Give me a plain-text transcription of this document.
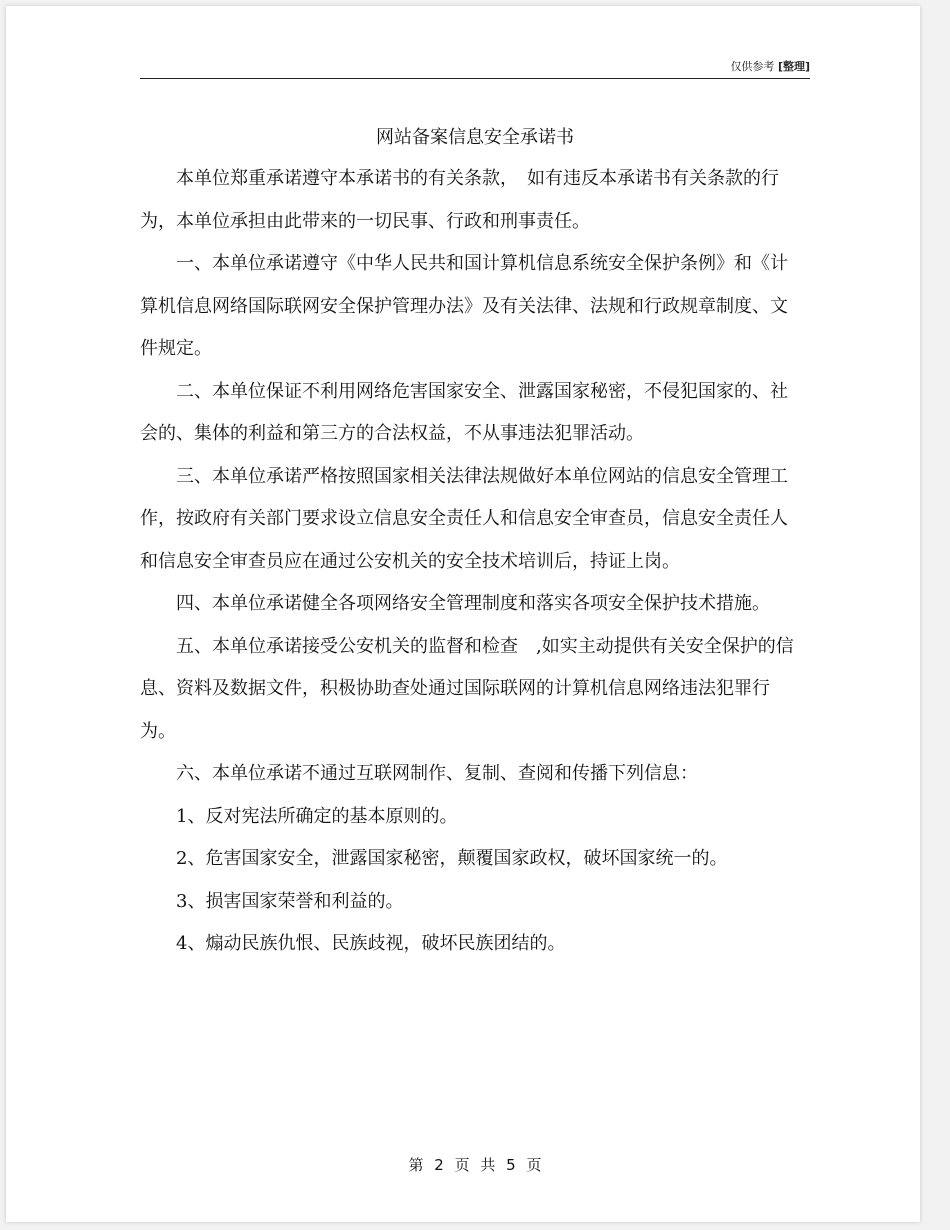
仅供参考 [整理]
网站备案信息安全承诺书

本单位郑重承诺遵守本承诺书的有关条款，　如有违反本承诺书有关条款的行为，本单位承担由此带来的一切民事、行政和刑事责任。

一、本单位承诺遵守《中华人民共和国计算机信息系统安全保护条例》和《计算机信息网络国际联网安全保护管理办法》及有关法律、法规和行政规章制度、文件规定。

二、本单位保证不利用网络危害国家安全、泄露国家秘密，不侵犯国家的、社会的、集体的利益和第三方的合法权益，不从事违法犯罪活动。

三、本单位承诺严格按照国家相关法律法规做好本单位网站的信息安全管理工作，按政府有关部门要求设立信息安全责任人和信息安全审查员，信息安全责任人和信息安全审查员应在通过公安机关的安全技术培训后，持证上岗。

四、本单位承诺健全各项网络安全管理制度和落实各项安全保护技术措施。

五、本单位承诺接受公安机关的监督和检查　,如实主动提供有关安全保护的信息、资料及数据文件，积极协助查处通过国际联网的计算机信息网络违法犯罪行为。

六、本单位承诺不通过互联网制作、复制、查阅和传播下列信息：

1、反对宪法所确定的基本原则的。

2、危害国家安全，泄露国家秘密，颠覆国家政权，破坏国家统一的。

3、损害国家荣誉和利益的。

4、煽动民族仇恨、民族歧视，破坏民族团结的。

第 2 页 共 5 页
